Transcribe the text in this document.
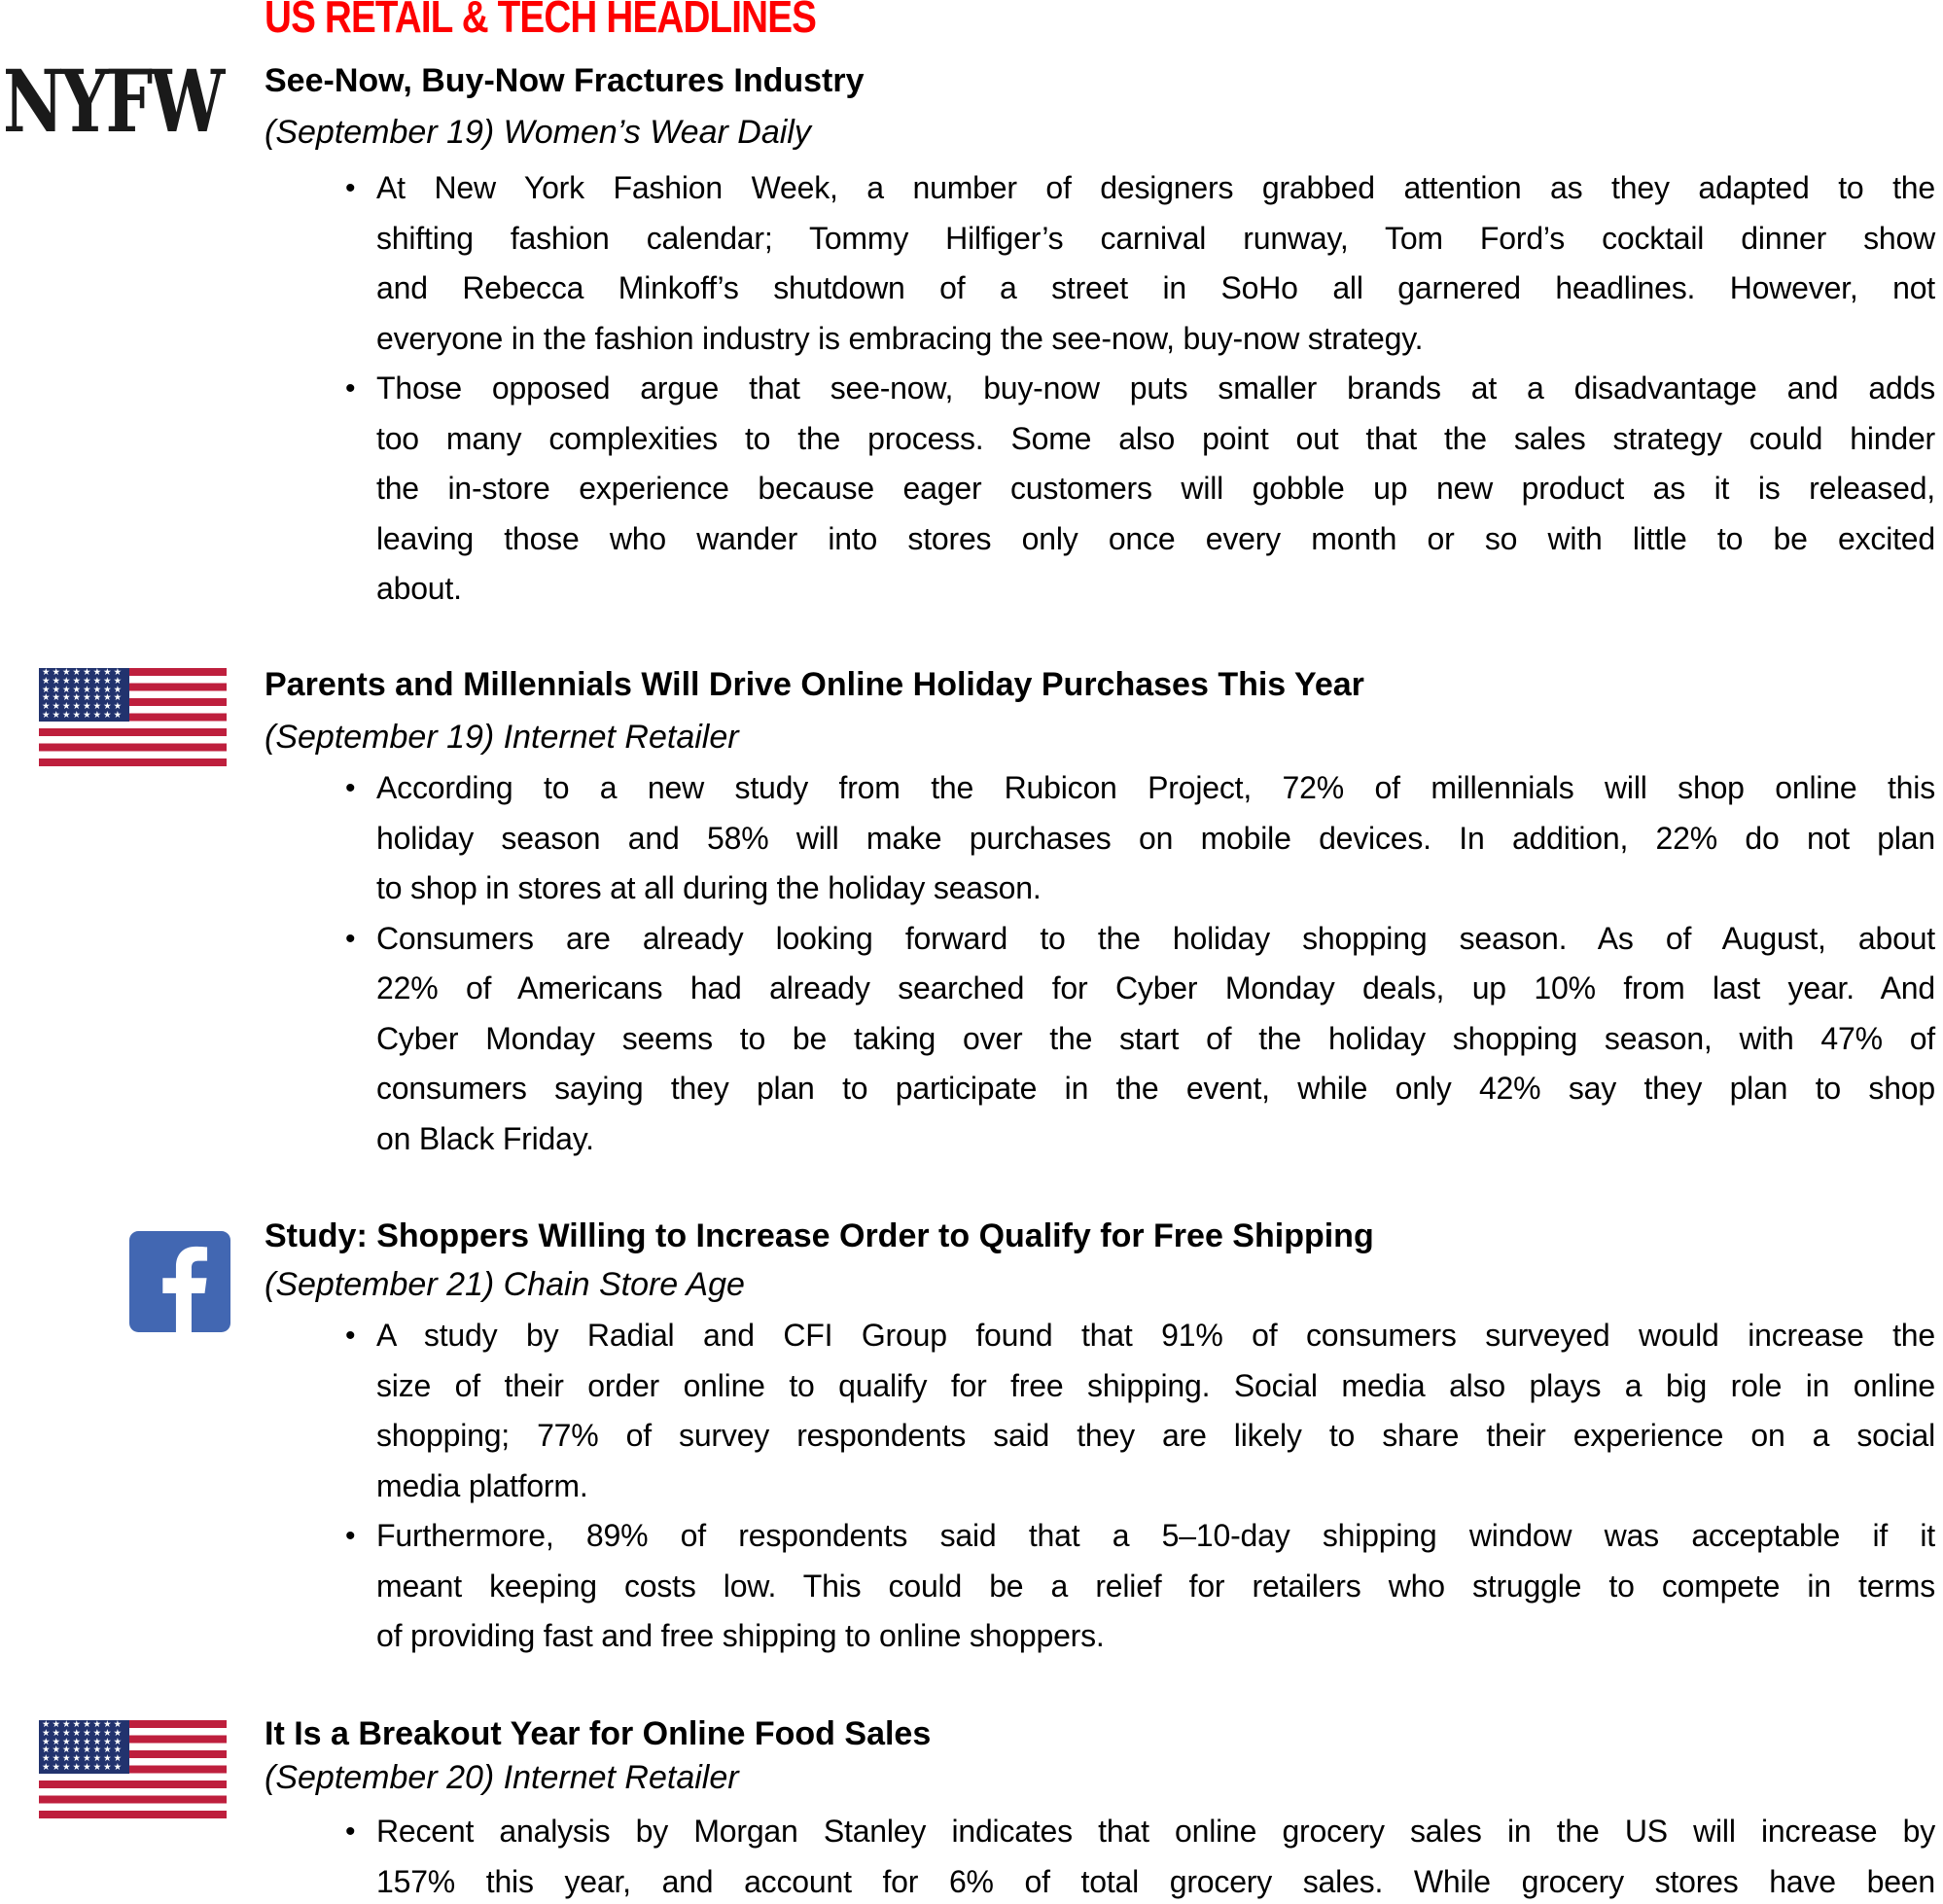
US RETAIL & TECH HEADLINES
NYFW See-Now, Buy-Now Fractures Industry
(September 19) Women’s Wear Daily
• At New York Fashion Week, a number of designers grabbed attention as they adapted to the
shifting fashion calendar; Tommy Hilfiger’s carnival runway, Tom Ford’s cocktail dinner show
and Rebecca Minkoff’s shutdown of a street in SoHo all garnered headlines. However, not
everyone in the fashion industry is embracing the see-now, buy-now strategy.
• Those opposed argue that see-now, buy-now puts smaller brands at a disadvantage and adds
too many complexities to the process. Some also point out that the sales strategy could hinder
the in-store experience because eager customers will gobble up new product as it is released,
leaving those who wander into stores only once every month or so with little to be excited
about.
★★★★★★★★
★★★★★★★★
★★★★★★★★
★★★★★★★★
★★★★★★★★
★★★★★★★★
Parents and Millennials Will Drive Online Holiday Purchases This Year
(September 19) Internet Retailer
• According to a new study from the Rubicon Project, 72% of millennials will shop online this
holiday season and 58% will make purchases on mobile devices. In addition, 22% do not plan
to shop in stores at all during the holiday season.
• Consumers are already looking forward to the holiday shopping season. As of August, about
22% of Americans had already searched for Cyber Monday deals, up 10% from last year. And
Cyber Monday seems to be taking over the start of the holiday shopping season, with 47% of
consumers saying they plan to participate in the event, while only 42% say they plan to shop
on Black Friday.
Study: Shoppers Willing to Increase Order to Qualify for Free Shipping
(September 21) Chain Store Age
• A study by Radial and CFI Group found that 91% of consumers surveyed would increase the
size of their order online to qualify for free shipping. Social media also plays a big role in online
shopping; 77% of survey respondents said they are likely to share their experience on a social
media platform.
• Furthermore, 89% of respondents said that a 5–10-day shipping window was acceptable if it
meant keeping costs low. This could be a relief for retailers who struggle to compete in terms
of providing fast and free shipping to online shoppers.
★★★★★★★★
★★★★★★★★
★★★★★★★★
★★★★★★★★
★★★★★★★★
★★★★★★★★
It Is a Breakout Year for Online Food Sales
(September 20) Internet Retailer
• Recent analysis by Morgan Stanley indicates that online grocery sales in the US will increase by
157% this year, and account for 6% of total grocery sales. While grocery stores have been
